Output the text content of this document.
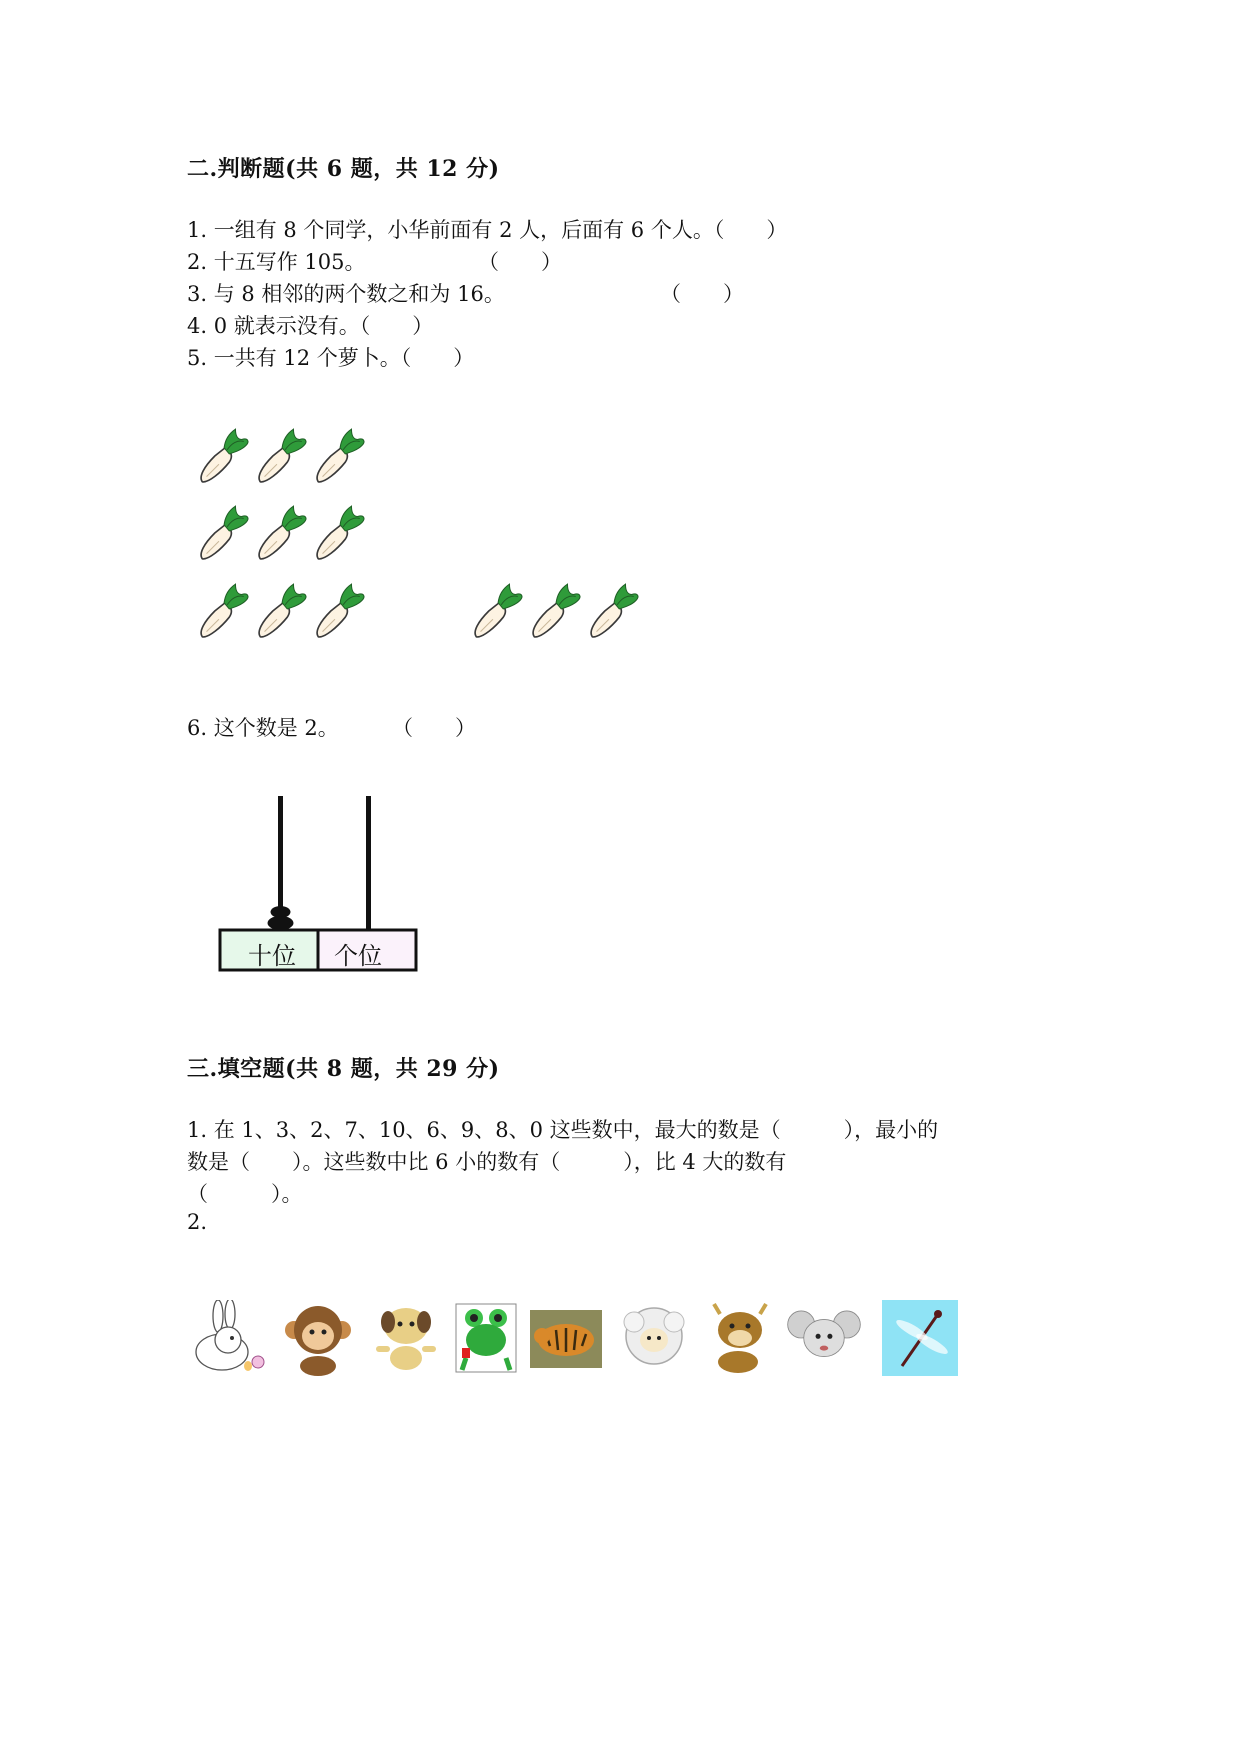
二.判断题(共 6 题，共 12 分)
1. 一组有 8 个同学，小华前面有 2 人，后面有 6 个人。（　　）
2. 十五写作 105。	（　　）
3. 与 8 相邻的两个数之和为 16。	（　　）
4. 0 就表示没有。（　　）
5. 一共有 12 个萝卜。（　　）
6. 这个数是 2。	（　　）
十位 个位
三.填空题(共 8 题，共 29 分)
1. 在 1、3、2、7、10、6、9、8、0 这些数中，最大的数是（　　　），最小的
数是（　　）。这些数中比 6 小的数有（　　　），比 4 大的数有
（　　　）。
2.
